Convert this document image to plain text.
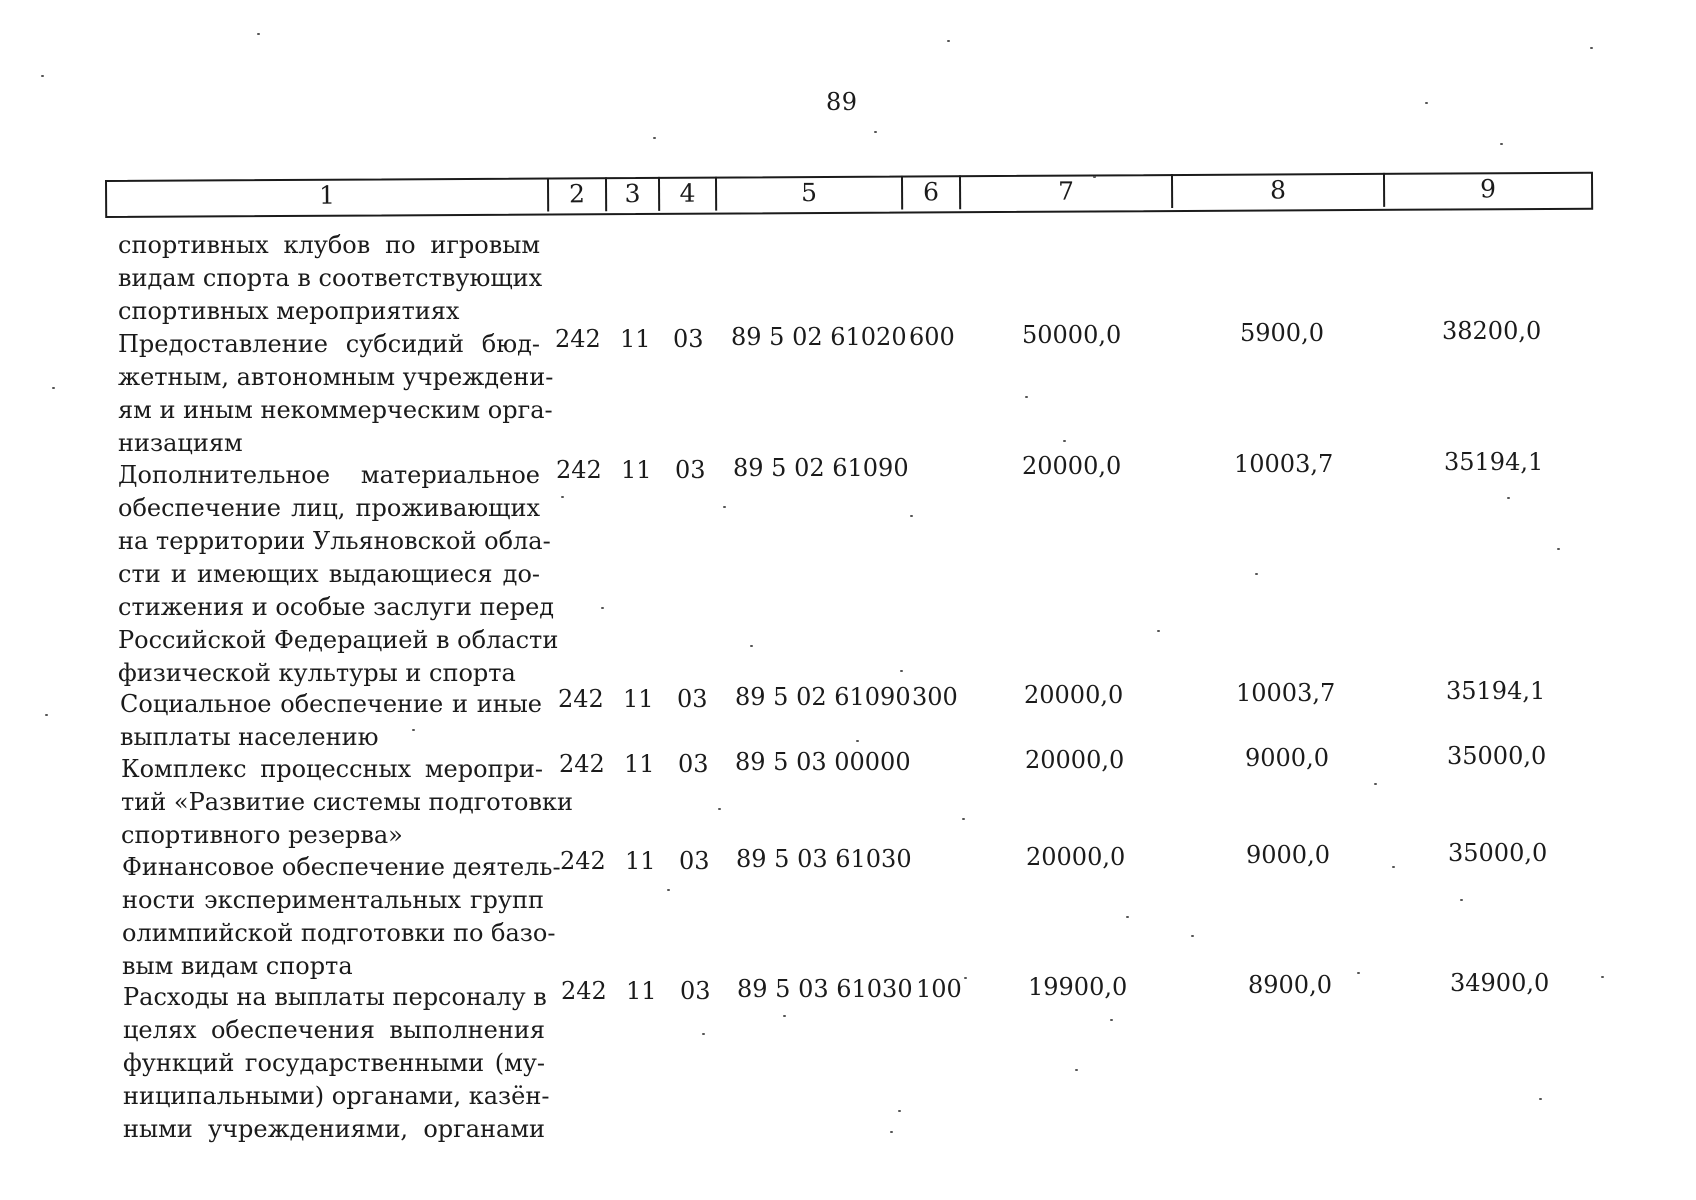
89
1	2	3	4	5	6	7	8	9
спортивных клубов по игровым
видам спорта в соответствующих
спортивных мероприятиях
Предоставление субсидий бюд-
жетным, автономным учреждени-
ям и иным некоммерческим орга-
низациям
242 11 03 89 5 02 61020 600	50000,0	5900,0	38200,0
Дополнительное материальное
обеспечение лиц, проживающих
на территории Ульяновской обла-
сти и имеющих выдающиеся до-
стижения и особые заслуги перед
Российской Федерацией в области
физической культуры и спорта
242 11 03 89 5 02 61090	20000,0	10003,7	35194,1
Социальное обеспечение и иные
выплаты населению
242 11 03 89 5 02 61090 300	20000,0	10003,7	35194,1
Комплекс процессных меропри-
тий «Развитие системы подготовки
спортивного резерва»
242 11 03 89 5 03 00000	20000,0	9000,0	35000,0
Финансовое обеспечение деятель-
ности экспериментальных групп
олимпийской подготовки по базо-
вым видам спорта
242 11 03 89 5 03 61030	20000,0	9000,0	35000,0
Расходы на выплаты персоналу в
целях обеспечения выполнения
функций государственными (му-
ниципальными) органами, казён-
ными учреждениями, органами
242 11 03 89 5 03 61030 100	19900,0	8900,0	34900,0
